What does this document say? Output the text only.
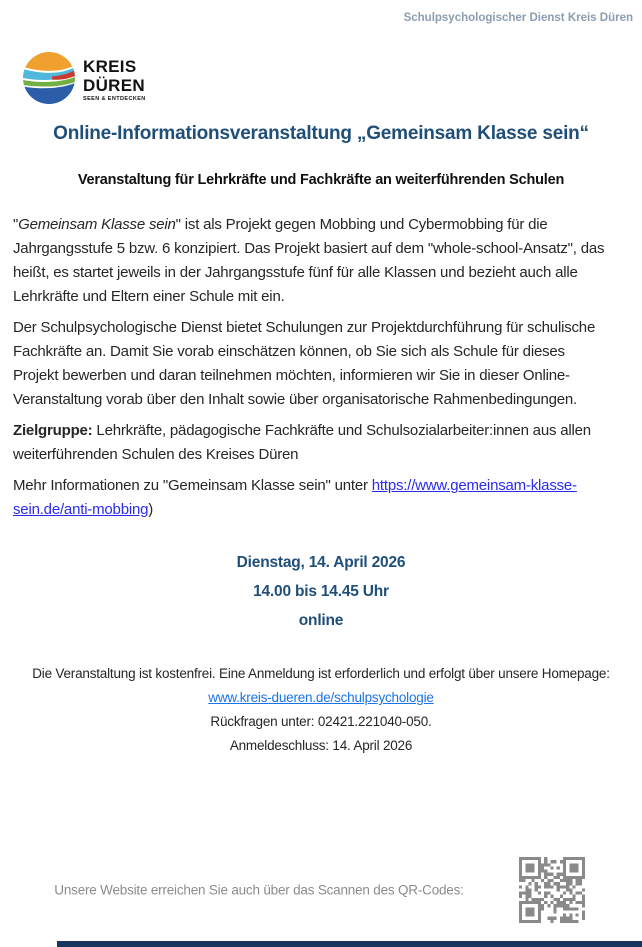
Schulpsychologischer Dienst Kreis Düren
KREIS
DÜREN
SEEN & ENTDECKEN
Online-Informationsveranstaltung „Gemeinsam Klasse sein“
Veranstaltung für Lehrkräfte und Fachkräfte an weiterführenden Schulen

"Gemeinsam Klasse sein" ist als Projekt gegen Mobbing und Cybermobbing für die Jahrgangsstufe 5 bzw. 6 konzipiert. Das Projekt basiert auf dem "whole-school-Ansatz", das heißt, es startet jeweils in der Jahrgangsstufe fünf für alle Klassen und bezieht auch alle Lehrkräfte und Eltern einer Schule mit ein.

Der Schulpsychologische Dienst bietet Schulungen zur Projektdurchführung für schulische Fachkräfte an. Damit Sie vorab einschätzen können, ob Sie sich als Schule für dieses Projekt bewerben und daran teilnehmen möchten, informieren wir Sie in dieser Online-Veranstaltung vorab über den Inhalt sowie über organisatorische Rahmenbedingungen.

Zielgruppe: Lehrkräfte, pädagogische Fachkräfte und Schulsozialarbeiter:innen aus allen weiterführenden Schulen des Kreises Düren

Mehr Informationen zu "Gemeinsam Klasse sein" unter https://www.gemeinsam-klasse-sein.de/anti-mobbing)

Dienstag, 14. April 2026
14.00 bis 14.45 Uhr
online
Die Veranstaltung ist kostenfrei. Eine Anmeldung ist erforderlich und erfolgt über unsere Homepage:
www.kreis-dueren.de/schulpsychologie
Rückfragen unter: 02421.221040-050.
Anmeldeschluss: 14. April 2026
Unsere Website erreichen Sie auch über das Scannen des QR-Codes:
